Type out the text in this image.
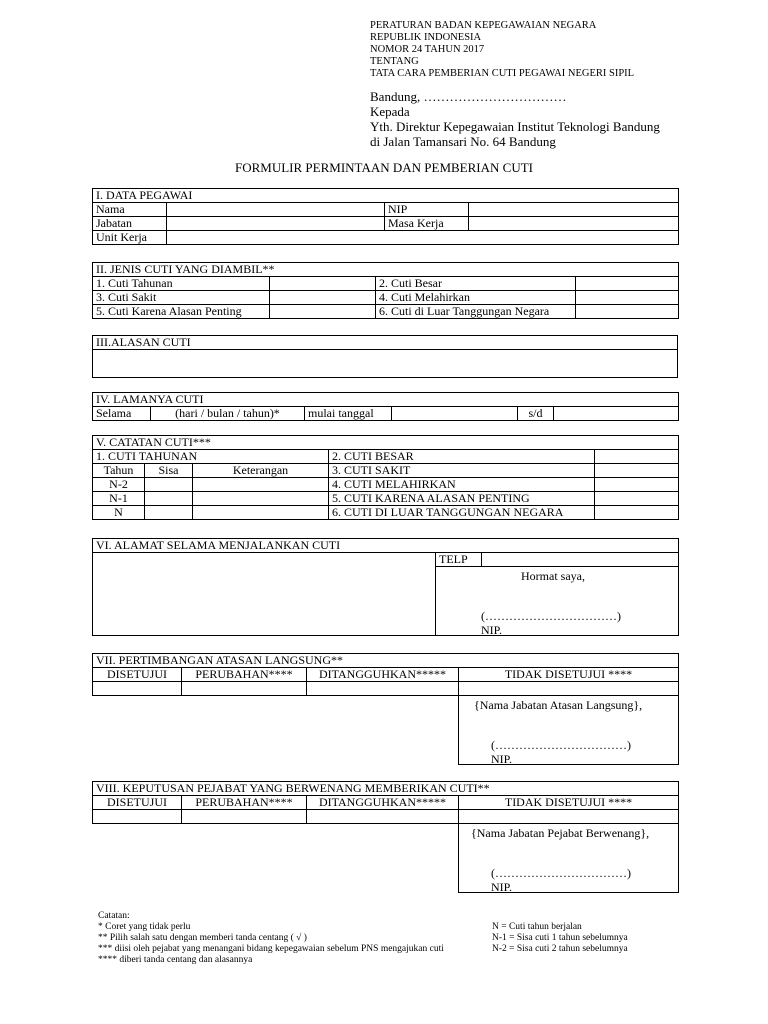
PERATURAN BADAN KEPEGAWAIAN NEGARA
REPUBLIK INDONESIA
NOMOR 24 TAHUN 2017
TENTANG
TATA CARA PEMBERIAN CUTI PEGAWAI NEGERI SIPIL
Bandung, ……………………………
Kepada
Yth. Direktur Kepegawaian Institut Teknologi Bandung
di Jalan Tamansari No. 64 Bandung
FORMULIR PERMINTAAN DAN PEMBERIAN CUTI
I. DATA PEGAWAI			
Nama		NIP	
Jabatan		Masa Kerja	
Unit Kerja			
II. JENIS CUTI YANG DIAMBIL**			
1. Cuti Tahunan		2. Cuti Besar	
3. Cuti Sakit		4. Cuti Melahirkan	
5. Cuti Karena Alasan Penting		6. Cuti di Luar Tanggungan Negara	
III.ALASAN CUTI

IV. LAMANYA CUTI
Selama	(hari / bulan / tahun)*	mulai tanggal		s/d	
V. CATATAN CUTI***				
1. CUTI TAHUNAN			2. CUTI BESAR	
Tahun	Sisa	Keterangan	3. CUTI SAKIT	
N-2			4. CUTI MELAHIRKAN	
N-1			5. CUTI KARENA ALASAN PENTING	
N			6. CUTI DI LUAR TANGGUNGAN NEGARA	
VI. ALAMAT SELAMA MENJALANKAN CUTI
	TELP	

Hormat saya,
(……………………………)
NIP.
VII. PERTIMBANGAN ATASAN LANGSUNG**			
DISETUJUI	PERUBAHAN****	DITANGGUHKAN*****	TIDAK DISETUJUI ****

			{Nama Jabatan Atasan Langsung},
(……………………………)
NIP.
VIII. KEPUTUSAN PEJABAT YANG BERWENANG MEMBERIKAN CUTI**			
DISETUJUI	PERUBAHAN****	DITANGGUHKAN*****	TIDAK DISETUJUI ****

			{Nama Jabatan Pejabat Berwenang},
(……………………………)
NIP.
Catatan:
* Coret yang tidak perlu
** Pilih salah satu dengan memberi tanda centang ( √ )
*** diisi oleh pejabat yang menangani bidang kepegawaian sebelum PNS mengajukan cuti
**** diberi tanda centang dan alasannya
N = Cuti tahun berjalan
N-1 = Sisa cuti 1 tahun sebelumnya
N-2 = Sisa cuti 2 tahun sebelumnya
